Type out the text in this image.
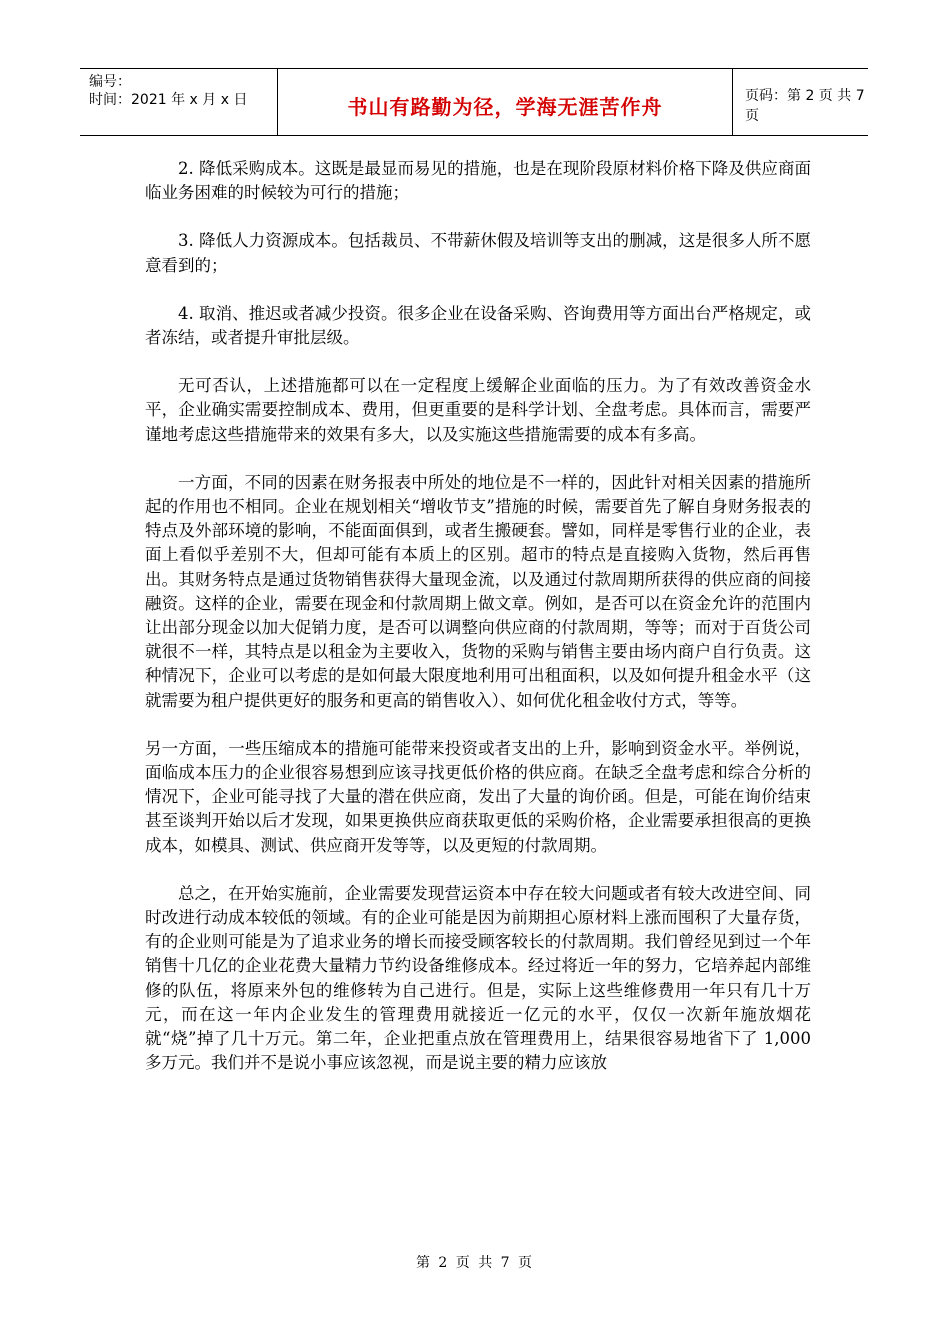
编号：
时间：2021 年 x 月 x 日	书山有路勤为径，学海无涯苦作舟	页码：第 2 页 共 7 页

2. 降低采购成本。这既是最显而易见的措施，也是在现阶段原材料价格下降及供应商面临业务困难的时候较为可行的措施；

3. 降低人力资源成本。包括裁员、不带薪休假及培训等支出的删减，这是很多人所不愿意看到的；

4. 取消、推迟或者减少投资。很多企业在设备采购、咨询费用等方面出台严格规定，或者冻结，或者提升审批层级。

无可否认，上述措施都可以在一定程度上缓解企业面临的压力。为了有效改善资金水平，企业确实需要控制成本、费用，但更重要的是科学计划、全盘考虑。具体而言，需要严谨地考虑这些措施带来的效果有多大，以及实施这些措施需要的成本有多高。

一方面，不同的因素在财务报表中所处的地位是不一样的，因此针对相关因素的措施所起的作用也不相同。企业在规划相关“增收节支”措施的时候，需要首先了解自身财务报表的特点及外部环境的影响，不能面面俱到，或者生搬硬套。譬如，同样是零售行业的企业，表面上看似乎差别不大，但却可能有本质上的区别。超市的特点是直接购入货物，然后再售出。其财务特点是通过货物销售获得大量现金流，以及通过付款周期所获得的供应商的间接融资。这样的企业，需要在现金和付款周期上做文章。例如，是否可以在资金允许的范围内让出部分现金以加大促销力度，是否可以调整向供应商的付款周期，等等；而对于百货公司就很不一样，其特点是以租金为主要收入，货物的采购与销售主要由场内商户自行负责。这种情况下，企业可以考虑的是如何最大限度地利用可出租面积，以及如何提升租金水平（这就需要为租户提供更好的服务和更高的销售收入）、如何优化租金收付方式，等等。

另一方面，一些压缩成本的措施可能带来投资或者支出的上升，影响到资金水平。举例说，面临成本压力的企业很容易想到应该寻找更低价格的供应商。在缺乏全盘考虑和综合分析的情况下，企业可能寻找了大量的潜在供应商，发出了大量的询价函。但是，可能在询价结束甚至谈判开始以后才发现，如果更换供应商获取更低的采购价格，企业需要承担很高的更换成本，如模具、测试、供应商开发等等，以及更短的付款周期。

总之，在开始实施前，企业需要发现营运资本中存在较大问题或者有较大改进空间、同时改进行动成本较低的领域。有的企业可能是因为前期担心原材料上涨而囤积了大量存货，有的企业则可能是为了追求业务的增长而接受顾客较长的付款周期。我们曾经见到过一个年销售十几亿的企业花费大量精力节约设备维修成本。经过将近一年的努力，它培养起内部维修的队伍，将原来外包的维修转为自己进行。但是，实际上这些维修费用一年只有几十万元，而在这一年内企业发生的管理费用就接近一亿元的水平，仅仅一次新年施放烟花就“烧”掉了几十万元。第二年，企业把重点放在管理费用上，结果很容易地省下了 1,000 多万元。我们并不是说小事应该忽视，而是说主要的精力应该放

第 2 页 共 7 页
